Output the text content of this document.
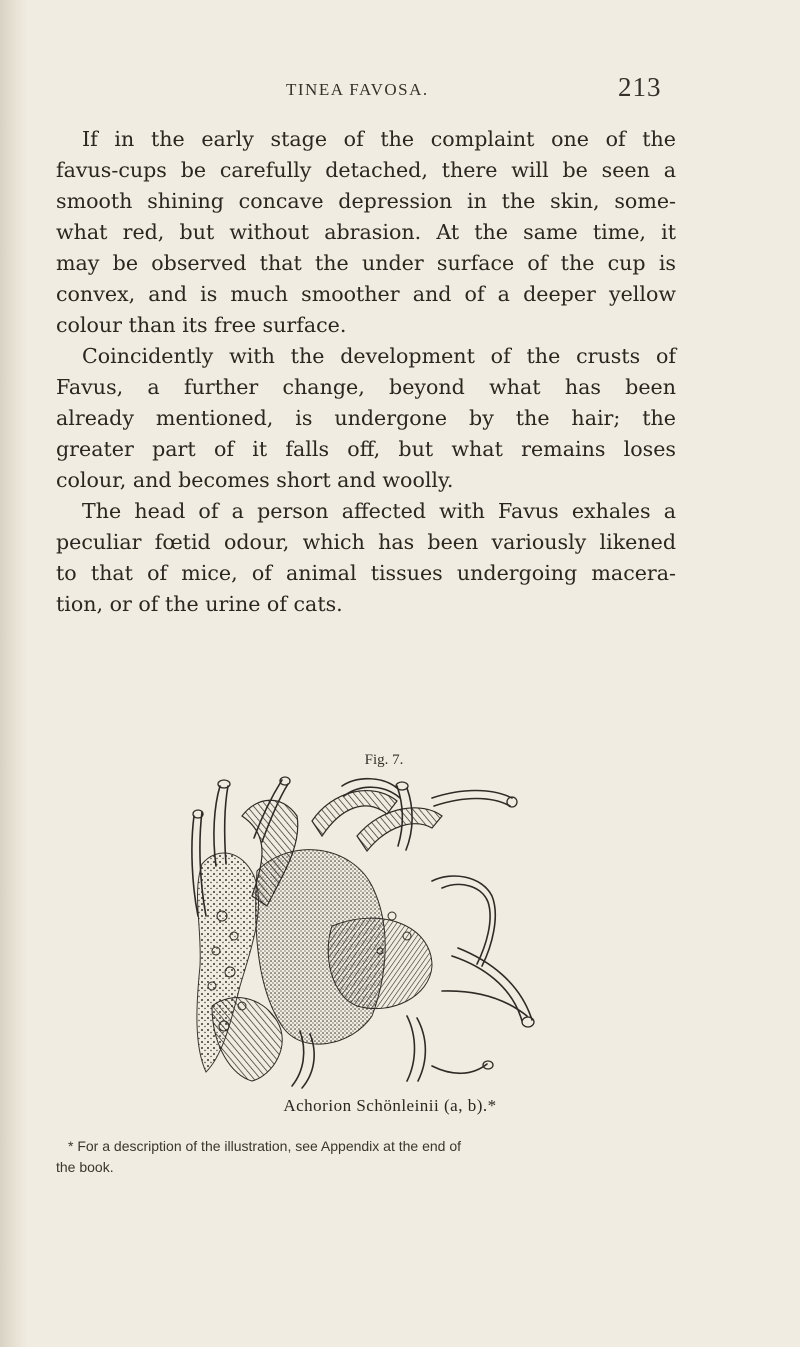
TINEA FAVOSA.	213
If in the early stage of the complaint one of the
favus-cups be carefully detached, there will be seen a
smooth shining concave depression in the skin, some-
what red, but without abrasion. At the same time, it
may be observed that the under surface of the cup is
convex, and is much smoother and of a deeper yellow
colour than its free surface.
Coincidently with the development of the crusts of
Favus, a further change, beyond what has been
already mentioned, is undergone by the hair; the
greater part of it falls off, but what remains loses
colour, and becomes short and woolly.
The head of a person affected with Favus exhales a
peculiar fœtid odour, which has been variously likened
to that of mice, of animal tissues undergoing macera-
tion, or of the urine of cats.
Fig. 7.
Achorion Schönleinii (a, b).*
* For a description of the illustration, see Appendix at the end of
the book.
